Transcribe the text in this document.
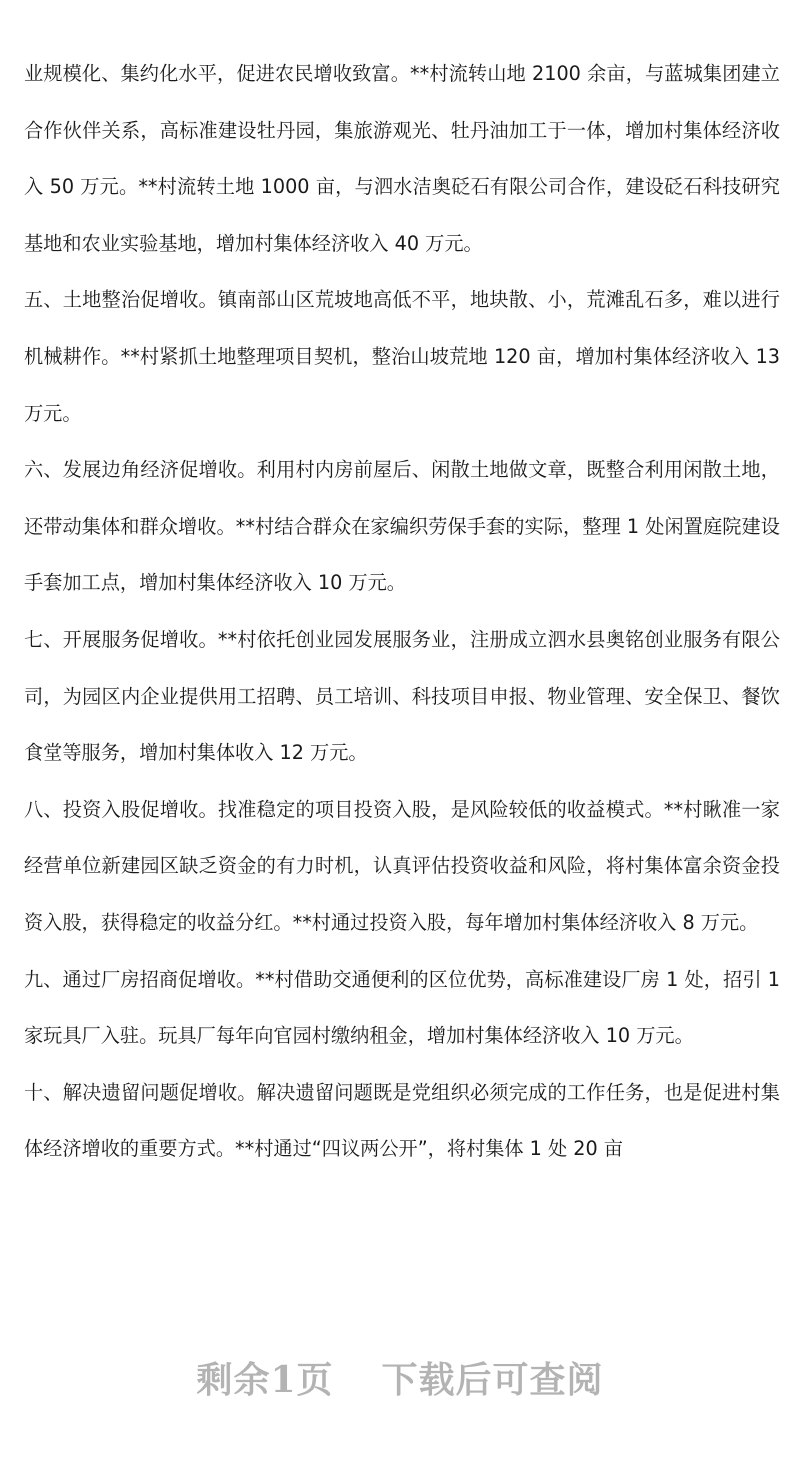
业规模化、集约化水平，促进农民增收致富。**村流转山地 2100 余亩，与蓝城集团建立合作伙伴关系，高标准建设牡丹园，集旅游观光、牡丹油加工于一体，增加村集体经济收入 50 万元。**村流转土地 1000 亩，与泗水洁奥砭石有限公司合作，建设砭石科技研究基地和农业实验基地，增加村集体经济收入 40 万元。

五、土地整治促增收。镇南部山区荒坡地高低不平，地块散、小，荒滩乱石多，难以进行机械耕作。**村紧抓土地整理项目契机，整治山坡荒地 120 亩，增加村集体经济收入 13 万元。

六、发展边角经济促增收。利用村内房前屋后、闲散土地做文章，既整合利用闲散土地，还带动集体和群众增收。**村结合群众在家编织劳保手套的实际，整理 1 处闲置庭院建设手套加工点，增加村集体经济收入 10 万元。

七、开展服务促增收。**村依托创业园发展服务业，注册成立泗水县奥铭创业服务有限公司，为园区内企业提供用工招聘、员工培训、科技项目申报、物业管理、安全保卫、餐饮食堂等服务，增加村集体收入 12 万元。

八、投资入股促增收。找准稳定的项目投资入股，是风险较低的收益模式。**村瞅准一家经营单位新建园区缺乏资金的有力时机，认真评估投资收益和风险，将村集体富余资金投资入股，获得稳定的收益分红。**村通过投资入股，每年增加村集体经济收入 8 万元。

九、通过厂房招商促增收。**村借助交通便利的区位优势，高标准建设厂房 1 处，招引 1 家玩具厂入驻。玩具厂每年向官园村缴纳租金，增加村集体经济收入 10 万元。

十、解决遗留问题促增收。解决遗留问题既是党组织必须完成的工作任务，也是促进村集体经济增收的重要方式。**村通过“四议两公开”，将村集体 1 处 20 亩

剩余1页 下载后可查阅
